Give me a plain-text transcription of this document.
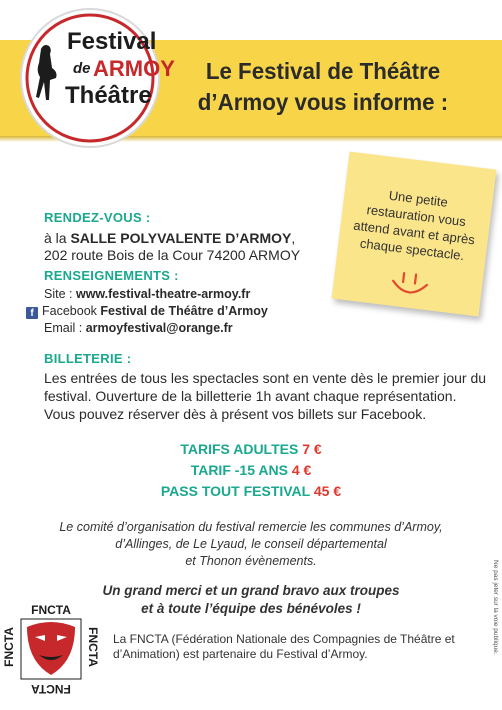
Le Festival de Théâtre
d’Armoy vous informe :
Festival
de ARMOY
Théâtre
Une petite
restauration vous
attend avant et après
chaque spectacle.
RENDEZ-VOUS :
à la SALLE POLYVALENTE D’ARMOY,
202 route Bois de la Cour 74200 ARMOY
RENSEIGNEMENTS :
Site : www.festival-theatre-armoy.fr
f Facebook Festival de Théâtre d’Armoy
Email : armoyfestival@orange.fr
BILLETERIE :
Les entrées de tous les spectacles sont en vente dès le premier jour du festival. Ouverture de la billetterie 1h avant chaque représentation. Vous pouvez réserver dès à présent vos billets sur Facebook.
TARIFS ADULTES 7 €
TARIF -15 ANS 4 €
PASS TOUT FESTIVAL 45 €
Le comité d’organisation du festival remercie les communes d’Armoy,
d’Allinges, de Le Lyaud, le conseil départemental
et Thonon évènements.
Un grand merci et un grand bravo aux troupes
et à toute l’équipe des bénévoles !
FNCTA
FNCTA
FNCTA	FNCTA La FNCTA (Fédération Nationale des Compagnies de Théâtre et d’Animation) est partenaire du Festival d’Armoy.	Ne pas jeter sur la voie publique.
